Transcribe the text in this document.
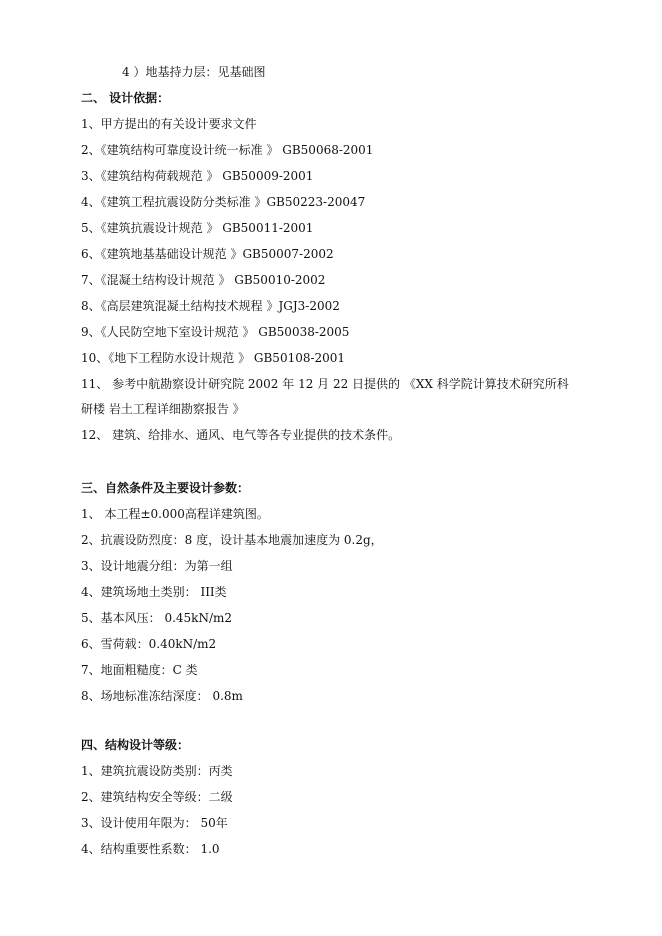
4 ）地基持力层：见基础图
二、 设计依据：
1、甲方提出的有关设计要求文件
2、《建筑结构可靠度设计统一标准 》 GB50068-2001
3、《建筑结构荷载规范 》 GB50009-2001
4、《建筑工程抗震设防分类标准 》GB50223-20047
5、《建筑抗震设计规范 》 GB50011-2001
6、《建筑地基基础设计规范 》GB50007-2002
7、《混凝土结构设计规范 》 GB50010-2002
8、《高层建筑混凝土结构技术规程 》JGJ3-2002
9、《人民防空地下室设计规范 》 GB50038-2005
10、《地下工程防水设计规范 》 GB50108-2001
11、 参考中航勘察设计研究院 2002 年 12 月 22 日提供的 《XX 科学院计算技术研究所科
研楼 岩土工程详细勘察报告 》
12、 建筑、给排水、通风、电气等各专业提供的技术条件。
三、自然条件及主要设计参数：
1、 本工程±0.000高程详建筑图。
2、抗震设防烈度：8 度，设计基本地震加速度为 0.2g，
3、设计地震分组：为第一组
4、建筑场地土类别： III类
5、基本风压： 0.45kN/m2
6、雪荷载：0.40kN/m2
7、地面粗糙度：C 类
8、场地标准冻结深度： 0.8m
四、结构设计等级：
1、建筑抗震设防类别：丙类
2、建筑结构安全等级：二级
3、设计使用年限为： 50年
4、结构重要性系数： 1.0
